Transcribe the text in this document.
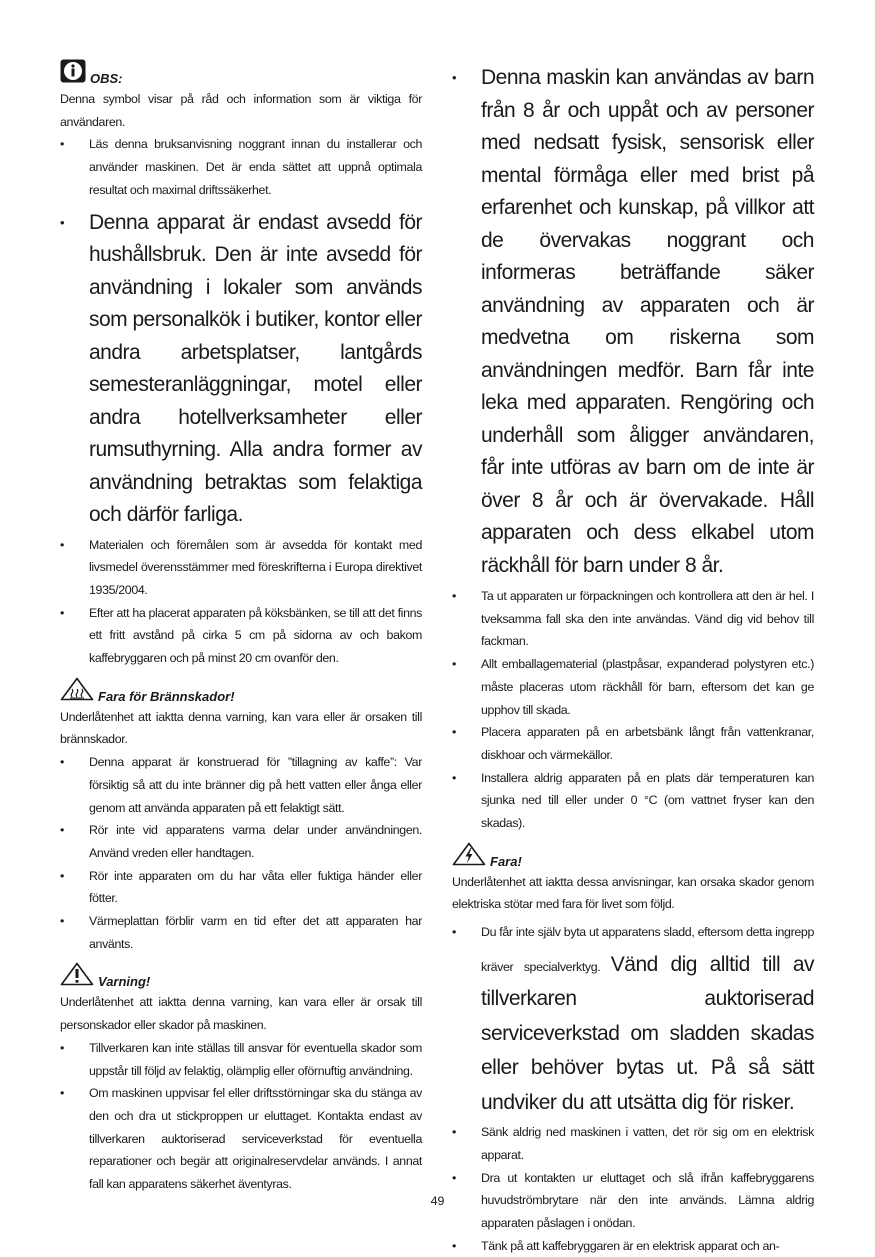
OBS:

Denna symbol visar på råd och information som är viktiga för användaren.

• Läs denna bruksanvisning noggrant innan du installerar och använder maskinen. Det är enda sättet att uppnå optimala resultat och maximal driftssäkerhet.
• Denna apparat är endast avsedd för hushållsbruk. Den är inte avsedd för användning i lokaler som används som personalkök i butiker, kontor eller andra arbetsplatser, lantgårds semesteranläggningar, motel eller andra hotellverksamheter eller rumsuthyrning. Alla andra former av användning betraktas som felaktiga och därför farliga.
• Materialen och föremålen som är avsedda för kontakt med livsmedel överensstämmer med föreskrifterna i Europa direktivet 1935/2004.
• Efter att ha placerat apparaten på köksbänken, se till att det finns ett fritt avstånd på cirka 5 cm på sidorna av och bakom kaffebryggaren och på minst 20 cm ovanför den.
Fara för Brännskador!

Underlåtenhet att iaktta denna varning, kan vara eller är orsaken till brännskador.

• Denna apparat är konstruerad för ”tillagning av kaffe”: Var försiktig så att du inte bränner dig på hett vatten eller ånga eller genom att använda apparaten på ett felaktigt sätt.
• Rör inte vid apparatens varma delar under användningen. Använd vreden eller handtagen.
• Rör inte apparaten om du har våta eller fuktiga händer eller fötter.
• Värmeplattan förblir varm en tid efter det att apparaten har använts.
Varning!

Underlåtenhet att iaktta denna varning, kan vara eller är orsak till personskador eller skador på maskinen.

• Tillverkaren kan inte ställas till ansvar för eventuella skador som uppstår till följd av felaktig, olämplig eller oförnuftig användning.
• Om maskinen uppvisar fel eller driftsstörningar ska du stänga av den och dra ut stickproppen ur eluttaget. Kontakta endast av tillverkaren auktoriserad serviceverkstad för eventuella reparationer och begär att originalreservdelar används. I annat fall kan apparatens säkerhet äventyras.
• Denna maskin kan användas av barn från 8 år och uppåt och av personer med nedsatt fysisk, sensorisk eller mental förmåga eller med brist på erfarenhet och kunskap, på villkor att de övervakas noggrant och informeras beträffande säker användning av apparaten och är medvetna om riskerna som användningen medför. Barn får inte leka med apparaten. Rengöring och underhåll som åligger användaren, får inte utföras av barn om de inte är över 8 år och är övervakade. Håll apparaten och dess elkabel utom räckhåll för barn under 8 år.
• Ta ut apparaten ur förpackningen och kontrollera att den är hel. I tveksamma fall ska den inte användas. Vänd dig vid behov till fackman.
• Allt emballagematerial (plastpåsar, expanderad polystyren etc.) måste placeras utom räckhåll för barn, eftersom det kan ge upphov till skada.
• Placera apparaten på en arbetsbänk långt från vattenkranar, diskhoar och värmekällor.
• Installera aldrig apparaten på en plats där temperaturen kan sjunka ned till eller under 0 °C (om vattnet fryser kan den skadas).
Fara!

Underlåtenhet att iaktta dessa anvisningar, kan orsaka skador genom elektriska stötar med fara för livet som följd.

• Du får inte själv byta ut apparatens sladd, eftersom detta ingrepp kräver specialverktyg. Vänd dig alltid till av tillverkaren auktoriserad serviceverkstad om sladden skadas eller behöver bytas ut. På så sätt undviker du att utsätta dig för risker.
• Sänk aldrig ned maskinen i vatten, det rör sig om en elektrisk apparat.
• Dra ut kontakten ur eluttaget och slå ifrån kaffebryggarens huvudströmbrytare när den inte används. Lämna aldrig apparaten påslagen i onödan.
• Tänk på att kaffebryggaren är en elektrisk apparat och an-
49
